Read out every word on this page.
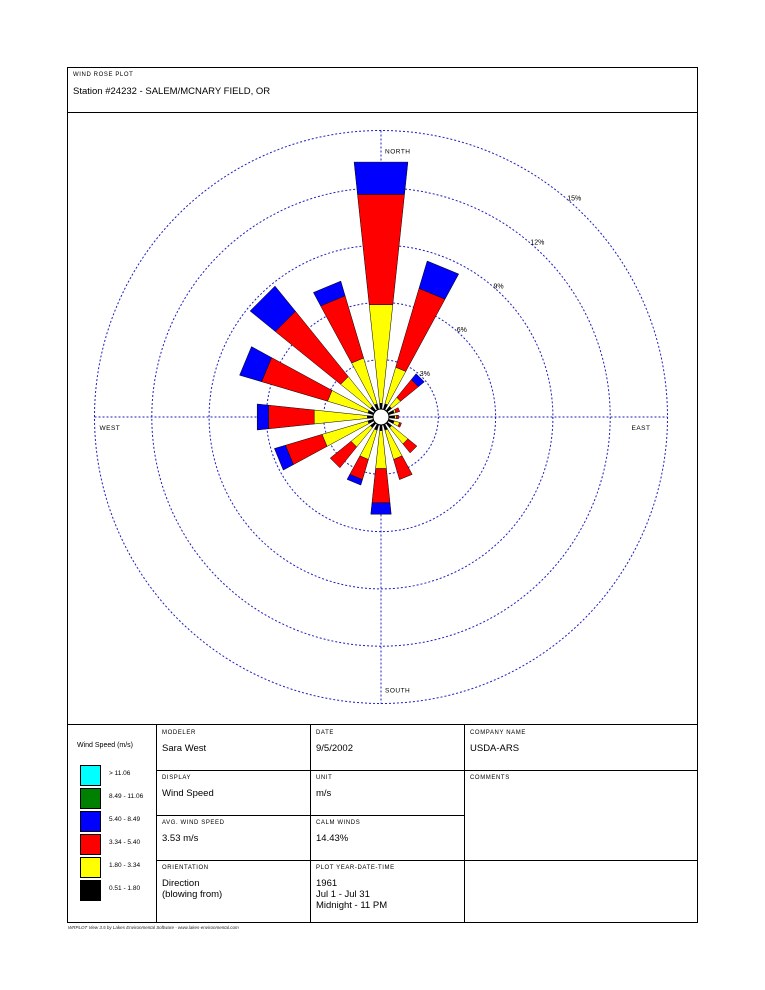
WIND ROSE PLOT
Station #24232 - SALEM/MCNARY FIELD, OR
Wind Speed (m/s)
> 11.06
8.49 - 11.06
5.40 - 8.49
3.34 - 5.40
1.80 - 3.34
0.51 - 1.80
MODELER
Sara West
DATE
9/5/2002
COMPANY NAME
USDA-ARS
DISPLAY
Wind Speed
UNIT
m/s
COMMENTS
AVG. WIND SPEED
3.53 m/s
CALM WINDS
14.43%
ORIENTATION
Direction
(blowing from)
PLOT YEAR-DATE-TIME
1961
Jul 1 - Jul 31
Midnight - 11 PM
3%
6%
9%
12%
15%
NORTH
SOUTH
WEST	EAST
WRPLOT View 3.5 by Lakes Environmental Software - www.lakes-environmental.com
